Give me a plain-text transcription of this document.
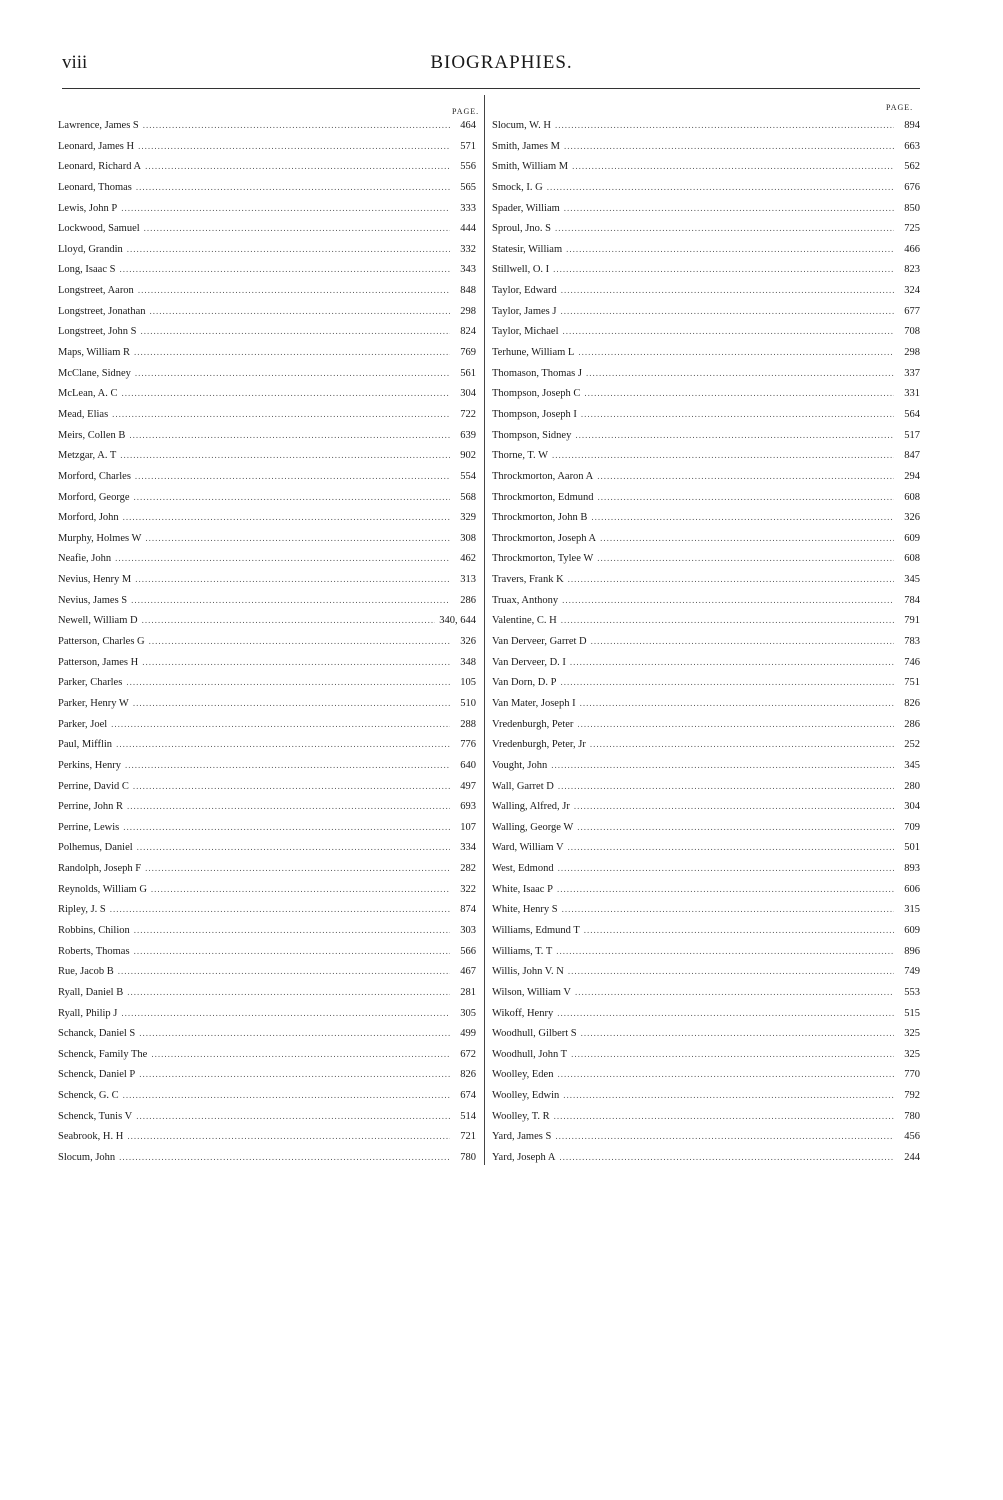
viii	BIOGRAPHIES.
PAGE.	PAGE.
Lawrence, James S .....	464
Leonard, James H .....	571
Leonard, Richard A .....	556
Leonard, Thomas .....	565
Lewis, John P .....	333
Lockwood, Samuel .....	444
Lloyd, Grandin .....	332
Long, Isaac S .....	343
Longstreet, Aaron .....	848
Longstreet, Jonathan .....	298
Longstreet, John S .....	824
Maps, William R .....	769
McClane, Sidney .....	561
McLean, A. C .....	304
Mead, Elias .....	722
Meirs, Collen B .....	639
Metzgar, A. T .....	902
Morford, Charles .....	554
Morford, George .....	568
Morford, John .....	329
Murphy, Holmes W .....	308
Neafie, John .....	462
Nevius, Henry M .....	313
Nevius, James S .....	286
Newell, William D .....	340, 644
Patterson, Charles G .....	326
Patterson, James H .....	348
Parker, Charles .....	105
Parker, Henry W .....	510
Parker, Joel .....	288
Paul, Mifflin .....	776
Perkins, Henry .....	640
Perrine, David C .....	497
Perrine, John R .....	693
Perrine, Lewis .....	107
Polhemus, Daniel .....	334
Randolph, Joseph F .....	282
Reynolds, William G .....	322
Ripley, J. S .....	874
Robbins, Chilion .....	303
Roberts, Thomas .....	566
Rue, Jacob B .....	467
Ryall, Daniel B .....	281
Ryall, Philip J .....	305
Schanck, Daniel S .....	499
Schenck, Family The .....	672
Schenck, Daniel P .....	826
Schenck, G. C .....	674
Schenck, Tunis V .....	514
Seabrook, H. H .....	721
Slocum, John .....	780
Slocum, W. H .....	894
Smith, James M .....	663
Smith, William M .....	562
Smock, I. G .....	676
Spader, William .....	850
Sproul, Jno. S .....	725
Statesir, William .....	466
Stillwell, O. I .....	823
Taylor, Edward .....	324
Taylor, James J .....	677
Taylor, Michael .....	708
Terhune, William L .....	298
Thomason, Thomas J .....	337
Thompson, Joseph C .....	331
Thompson, Joseph I .....	564
Thompson, Sidney .....	517
Thorne, T. W .....	847
Throckmorton, Aaron A .....	294
Throckmorton, Edmund .....	608
Throckmorton, John B .....	326
Throckmorton, Joseph A .....	609
Throckmorton, Tylee W .....	608
Travers, Frank K .....	345
Truax, Anthony .....	784
Valentine, C. H .....	791
Van Derveer, Garret D .....	783
Van Derveer, D. I .....	746
Van Dorn, D. P .....	751
Van Mater, Joseph I .....	826
Vredenburgh, Peter .....	286
Vredenburgh, Peter, Jr .....	252
Vought, John .....	345
Wall, Garret D .....	280
Walling, Alfred, Jr .....	304
Walling, George W .....	709
Ward, William V .....	501
West, Edmond .....	893
White, Isaac P .....	606
White, Henry S .....	315
Williams, Edmund T .....	609
Williams, T. T .....	896
Willis, John V. N .....	749
Wilson, William V .....	553
Wikoff, Henry .....	515
Woodhull, Gilbert S .....	325
Woodhull, John T .....	325
Woolley, Eden .....	770
Woolley, Edwin .....	792
Woolley, T. R .....	780
Yard, James S .....	456
Yard, Joseph A .....	244
